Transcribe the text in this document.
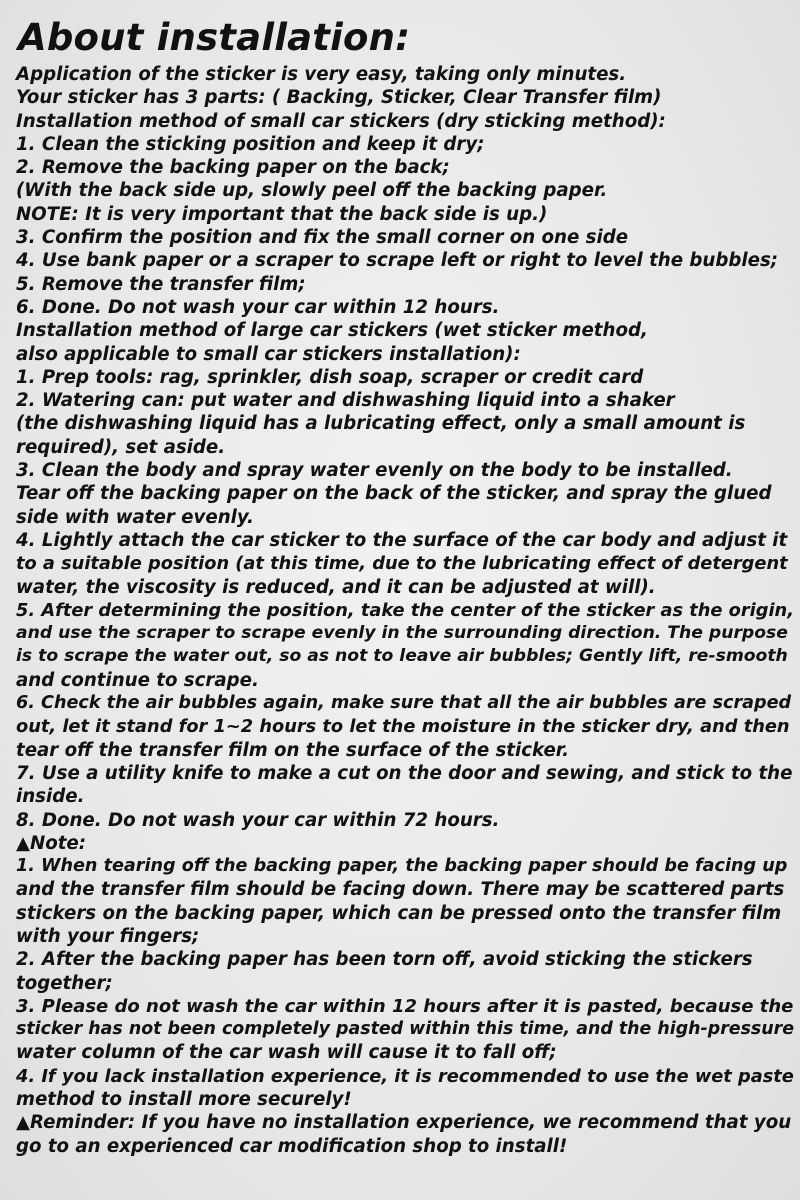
About installation:

Application of the sticker is very easy, taking only minutes.

Your sticker has 3 parts: ( Backing, Sticker, Clear Transfer film)

Installation method of small car stickers (dry sticking method):

1. Clean the sticking position and keep it dry;

2. Remove the backing paper on the back;

(With the back side up, slowly peel off the backing paper.

NOTE: It is very important that the back side is up.)

3. Confirm the position and fix the small corner on one side

4. Use bank paper or a scraper to scrape left or right to level the bubbles;

5. Remove the transfer film;

6. Done. Do not wash your car within 12 hours.

Installation method of large car stickers (wet sticker method,

also applicable to small car stickers installation):

1. Prep tools: rag, sprinkler, dish soap, scraper or credit card

2. Watering can: put water and dishwashing liquid into a shaker

(the dishwashing liquid has a lubricating effect, only a small amount is

required), set aside.

3. Clean the body and spray water evenly on the body to be installed.

Tear off the backing paper on the back of the sticker, and spray the glued

side with water evenly.

4. Lightly attach the car sticker to the surface of the car body and adjust it

to a suitable position (at this time, due to the lubricating effect of detergent

water, the viscosity is reduced, and it can be adjusted at will).

5. After determining the position, take the center of the sticker as the origin,

and use the scraper to scrape evenly in the surrounding direction. The purpose

is to scrape the water out, so as not to leave air bubbles; Gently lift, re-smooth

and continue to scrape.

6. Check the air bubbles again, make sure that all the air bubbles are scraped

out, let it stand for 1~2 hours to let the moisture in the sticker dry, and then

tear off the transfer film on the surface of the sticker.

7. Use a utility knife to make a cut on the door and sewing, and stick to the

inside.

8. Done. Do not wash your car within 72 hours.

▲Note:

1. When tearing off the backing paper, the backing paper should be facing up

and the transfer film should be facing down. There may be scattered parts

stickers on the backing paper, which can be pressed onto the transfer film

with your fingers;

2. After the backing paper has been torn off, avoid sticking the stickers

together;

3. Please do not wash the car within 12 hours after it is pasted, because the

sticker has not been completely pasted within this time, and the high-pressure

water column of the car wash will cause it to fall off;

4. If you lack installation experience, it is recommended to use the wet paste

method to install more securely!

▲Reminder: If you have no installation experience, we recommend that you

go to an experienced car modification shop to install!
